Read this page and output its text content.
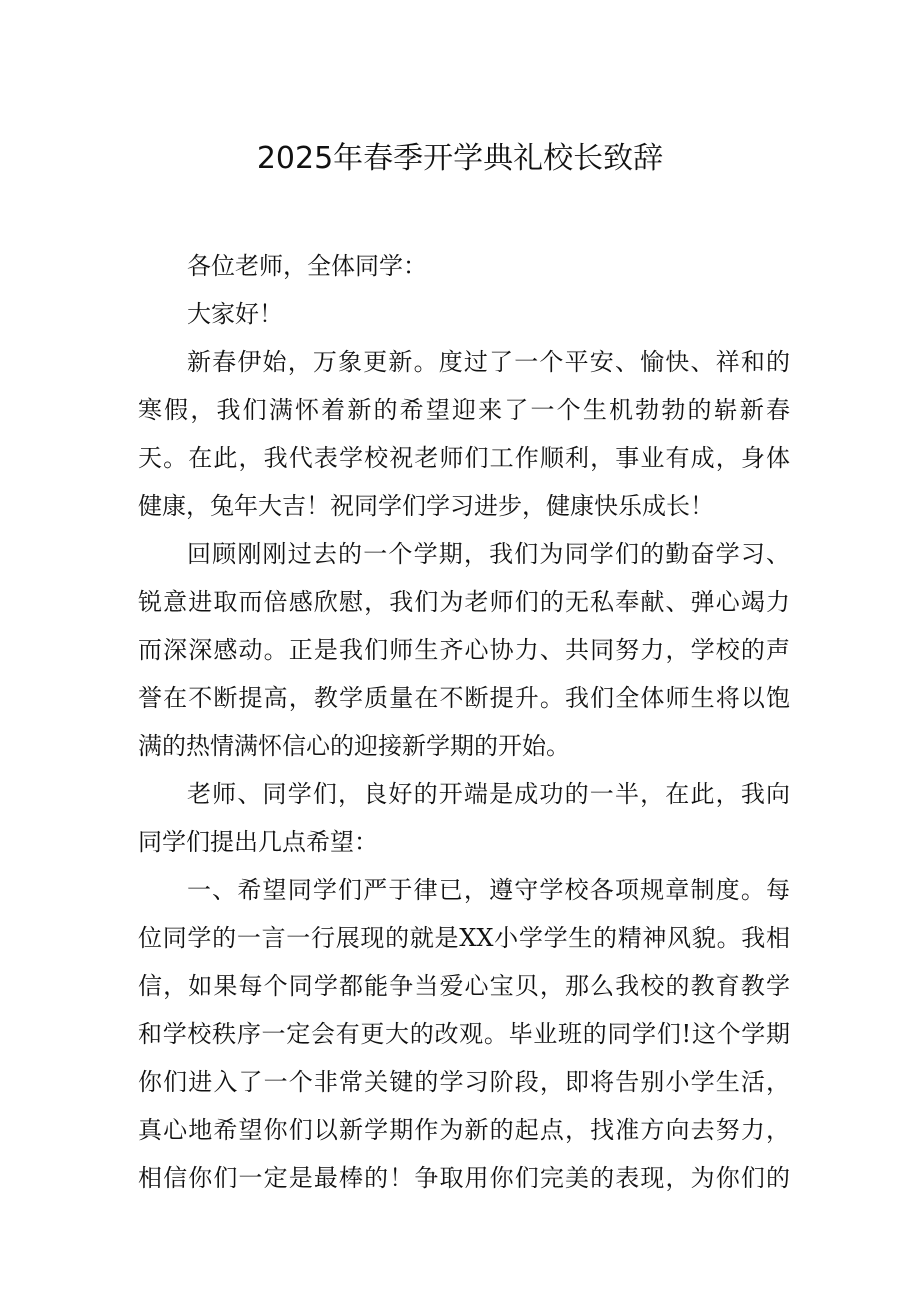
2025年春季开学典礼校长致辞
各位老师，全体同学：
大家好！
新春伊始，万象更新。度过了一个平安、愉快、祥和的
寒假，我们满怀着新的希望迎来了一个生机勃勃的崭新春
天。在此，我代表学校祝老师们工作顺利，事业有成，身体
健康，兔年大吉！祝同学们学习进步，健康快乐成长！
回顾刚刚过去的一个学期，我们为同学们的勤奋学习、
锐意进取而倍感欣慰，我们为老师们的无私奉献、弹心竭力
而深深感动。正是我们师生齐心协力、共同努力，学校的声
誉在不断提高，教学质量在不断提升。我们全体师生将以饱
满的热情满怀信心的迎接新学期的开始。
老师、同学们，良好的开端是成功的一半，在此，我向
同学们提出几点希望：
一、希望同学们严于律已，遵守学校各项规章制度。每
位同学的一言一行展现的就是XX小学学生的精神风貌。我相
信，如果每个同学都能争当爱心宝贝，那么我校的教育教学
和学校秩序一定会有更大的改观。毕业班的同学们!这个学期
你们进入了一个非常关键的学习阶段，即将告别小学生活，
真心地希望你们以新学期作为新的起点，找准方向去努力，
相信你们一定是最棒的！争取用你们完美的表现，为你们的
